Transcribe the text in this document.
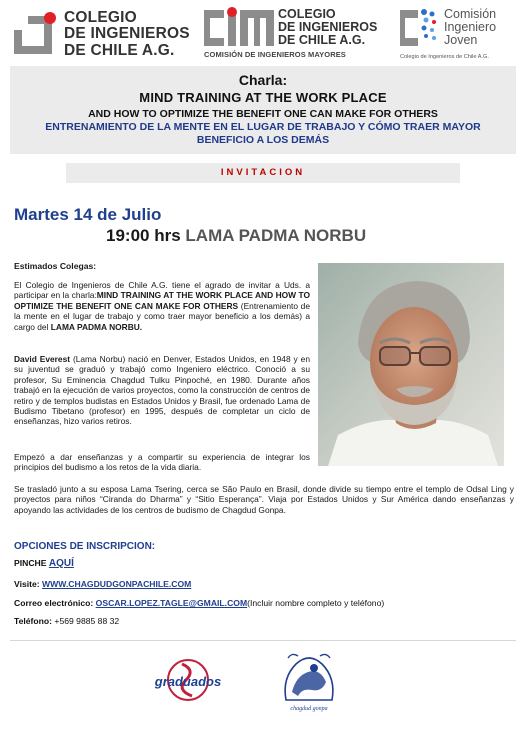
COLEGIO
DE INGENIEROS
DE CHILE A.G.
COLEGIO
DE INGENIEROS
DE CHILE A.G.
COMISIÓN DE INGENIEROS MAYORES
Comisión
Ingeniero
Joven
Colegio de Ingenieros de Chile A.G.
Charla:
MIND TRAINING AT THE WORK PLACE
AND HOW TO OPTIMIZE THE BENEFIT ONE CAN MAKE FOR OTHERS
ENTRENAMIENTO DE LA MENTE EN EL LUGAR DE TRABAJO Y CÓMO TRAER MAYOR BENEFICIO A LOS DEMÁS
INVITACION
Martes 14 de Julio
19:00 hrs LAMA PADMA NORBU
Estimados Colegas:
El Colegio de Ingenieros de Chile A.G. tiene el agrado de invitar a Uds. a participar en la charla:MIND TRAINING AT THE WORK PLACE AND HOW TO OPTIMIZE THE BENEFIT ONE CAN MAKE FOR OTHERS (Entrenamiento de la mente en el lugar de trabajo y como traer mayor beneficio a los demás) a cargo del LAMA PADMA NORBU.
David Everest (Lama Norbu) nació en Denver, Estados Unidos, en 1948 y en su juventud se graduó y trabajó como Ingeniero eléctrico. Conoció a su profesor, Su Eminencia Chagdud Tulku Pinpoché, en 1980. Durante años trabajó en la ejecución de varios proyectos, como la construcción de centros de retiro y de templos budistas en Estados Unidos y Brasil, fue ordenado Lama de Budismo Tibetano (profesor) en 1995, después de completar un ciclo de enseñanzas, hizo varios retiros.
Empezó a dar enseñanzas y a compartir su experiencia de integrar los principios del budismo a los retos de la vida diaria.
Se trasladó junto a su esposa Lama Tsering, cerca se São Paulo en Brasil, donde divide su tiempo entre el templo de Odsal Ling y proyectos para niños “Ciranda do Dharma” y “Sitio Esperança”. Viaja por Estados Unidos y Sur América dando enseñanzas y apoyando las actividades de los centros de budismo de Chagdud Gonpa.
OPCIONES DE INSCRIPCION:
PINCHE AQUÍ
Visite: WWW.CHAGDUDGONPACHILE.COM
Correo electrónico: OSCAR.LOPEZ.TAGLE@GMAIL.COM(Incluir nombre completo y teléfono)
Teléfono: +569 9885 88 32
graduados
chagdud gonpa
